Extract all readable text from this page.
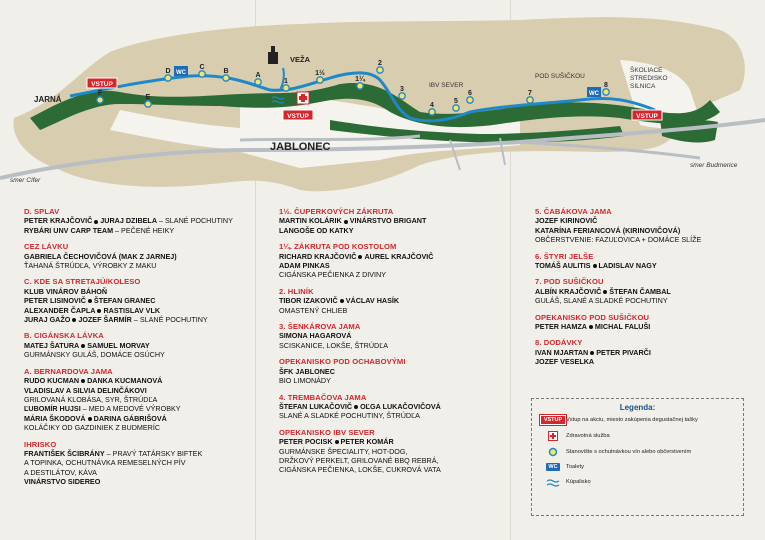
F
E
D
C
B
A
1
1½
1¼
2
3
4
5
6	7
8
VSTUP
VSTUP	VSTUP
WC
WC
VEŽA
JARNÁ
JABLONEC
IBV SEVER
POD SUŠIČKOU
ŠKOLIACE
STREDISKO
SILNICA
smer Cífer
smer Budmerice
D. SPLAV
PETER KRAJČOVIČ JURAJ DZIBELA – SLANÉ POCHUTINY
RYBÁRI UNV CARP TEAM – PEČENÉ HEIKY
CEZ LÁVKU
GABRIELA ČECHOVIČOVÁ (MAK Z JARNEJ)
ŤAHANÁ ŠTRÚDĽA, VÝROBKY Z MAKU
C. KDE SA STRETAJÚ/KOLESO
KLUB VINÁROV BÁHOŇ
PETER LISINOVIČ ŠTEFAN GRANEC
ALEXANDER ČAPLA RASTISLAV VLK
JURAJ GAŽO JOZEF ŠARMÍR – SLANÉ POCHUTINY
B. CIGÁNSKA LÁVKA
MATEJ ŠATURA SAMUEL MORVAY
GURMÁNSKY GULÁŠ, DOMÁCE OSÚCHY
A. BERNARDOVA JAMA
RUDO KUCMAN DANKA KUCMANOVÁ
VLADISLAV A SILVIA DELINČÁKOVI
GRILOVANÁ KLOBÁSA, SYR, ŠTRÚDĽA
ĽUBOMÍR HUJSI – MED A MEDOVÉ VÝROBKY
MÁRIA ŠKODOVÁ DARINA GÁBRIŠOVÁ
KOLÁČIKY OD GAZDINIEK Z BUDMERÍC
IHRISKO
FRANTIŠEK ŠCIBRÁNY – PRAVÝ TATÁRSKY BIFTEK
A TOPINKA, OCHUTNÁVKA REMESELNÝCH PÍV
A DESTILÁTOV, KÁVA
VINÁRSTVO SIDEREO
1½. ČUPERKOVÝCH ZÁKRUTA
MARTIN KOLÁRIK VINÁRSTVO BRIGANT
LANGOŠE OD KATKY
1¼. ZÁKRUTA POD KOSTOLOM
RICHARD KRAJČOVIČ AUREL KRAJČOVIČ
ADAM PINKAS
CIGÁNSKA PEČIENKA Z DIVINY
2. HLINÍK
TIBOR IZAKOVIČ VÁCLAV HASÍK
OMASTENÝ CHLIEB
3. ŠENKÁROVA JAMA
SIMONA HAGAROVÁ
SCISKANICE, LOKŠE, ŠTRÚDĽA
OPEKANISKO POD OCHABOVÝMI
ŠFK JABLONEC
BIO LIMONÁDY
4. TREMBAČOVA JAMA
ŠTEFAN LUKAČOVIČ OĽGA LUKAČOVIČOVÁ
SLANÉ A SLADKÉ POCHUTINY, ŠTRÚDĽA
OPEKANISKO IBV SEVER
PETER POCISK PETER KOMÁR
GURMÁNSKE ŠPECIALITY, HOT-DOG,
DRŽKOVÝ PERKELT, GRILOVANÉ BBQ REBRÁ,
CIGÁNSKA PEČIENKA, LOKŠE, CUKROVÁ VATA
5. ČABÁKOVA JAMA
JOZEF KIRINOVIČ
KATARÍNA FERIANCOVÁ (KIRINOVIČOVÁ)
OBČERSTVENIE: FAZUĽOVICA + DOMÁCE SLÍŽE
6. ŠTYRI JELŠE
TOMÁŠ AULITIS LADISLAV NAGY
7. POD SUŠIČKOU
ALBÍN KRAJČOVIČ ŠTEFAN ČAMBAL
GULÁŠ, SLANÉ A SLADKÉ POCHUTINY
OPEKANISKO POD SUŠIČKOU
PETER HAMZA MICHAL FALUŠI
8. DODÁVKY
IVAN MJARTAN PETER PIVARČI
JOZEF VESELKA
Legenda:
VSTUP Vstup na akciu, miesto zakúpenia degustačnej tašky
Zdravotná služba
Stanovište s ochutnávkou vín alebo občerstvením
WC	Toalety
Kúpalisko
